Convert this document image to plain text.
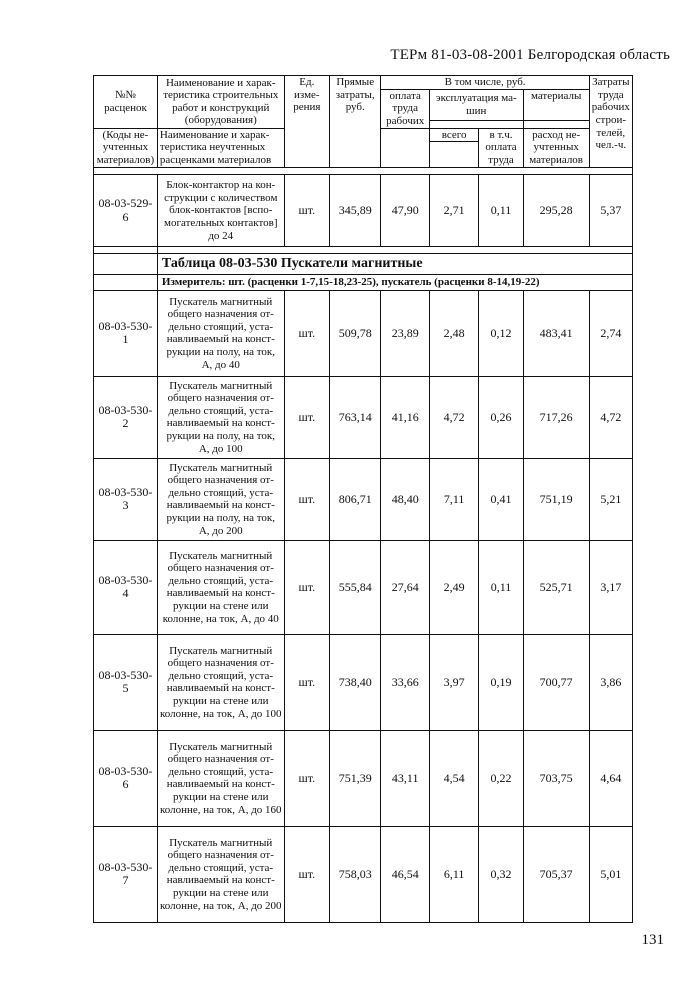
ТЕРм 81-03-08-2001 Белгородская область
№№ расценок	Наименование и харак-теристика строительных работ и конструкций (оборудования)	Ед. изме-рения	Прямые затраты, руб.	В том числе, руб.				Затраты труда рабочих строи-телей, чел.-ч.
				оплата труда рабочих	эксплуатация ма-шин		материалы	

(Коды не-учтенных материалов)	Наименование и харак-теристика неучтенных расценками материалов				всего	в т.ч. оплата труда	расход не-учтенных материалов	

08-03-529-6	Блок-контактор на кон-струкции с количеством блок-контактов [вспо-могательных контактов] до 24	шт.	345,89	47,90	2,71	0,11	295,28	5,37

	Таблица 08-03-530 Пускатели магнитные							
	Измеритель: шт. (расценки 1-7,15-18,23-25), пускатель (расценки 8-14,19-22)							
08-03-530-1	Пускатель магнитный общего назначения от-дельно стоящий, уста-навливаемый на конст-рукции на полу, на ток, А, до 40	шт.	509,78	23,89	2,48	0,12	483,41	2,74
08-03-530-2	Пускатель магнитный общего назначения от-дельно стоящий, уста-навливаемый на конст-рукции на полу, на ток, А, до 100	шт.	763,14	41,16	4,72	0,26	717,26	4,72
08-03-530-3	Пускатель магнитный общего назначения от-дельно стоящий, уста-навливаемый на конст-рукции на полу, на ток, А, до 200	шт.	806,71	48,40	7,11	0,41	751,19	5,21
08-03-530-4	Пускатель магнитный общего назначения от-дельно стоящий, уста-навливаемый на конст-рукции на стене или колонне, на ток, А, до 40	шт.	555,84	27,64	2,49	0,11	525,71	3,17
08-03-530-5	Пускатель магнитный общего назначения от-дельно стоящий, уста-навливаемый на конст-рукции на стене или колонне, на ток, А, до 100	шт.	738,40	33,66	3,97	0,19	700,77	3,86
08-03-530-6	Пускатель магнитный общего назначения от-дельно стоящий, уста-навливаемый на конст-рукции на стене или колонне, на ток, А, до 160	шт.	751,39	43,11	4,54	0,22	703,75	4,64
08-03-530-7	Пускатель магнитный общего назначения от-дельно стоящий, уста-навливаемый на конст-рукции на стене или колонне, на ток, А, до 200	шт.	758,03	46,54	6,11	0,32	705,37	5,01
131
